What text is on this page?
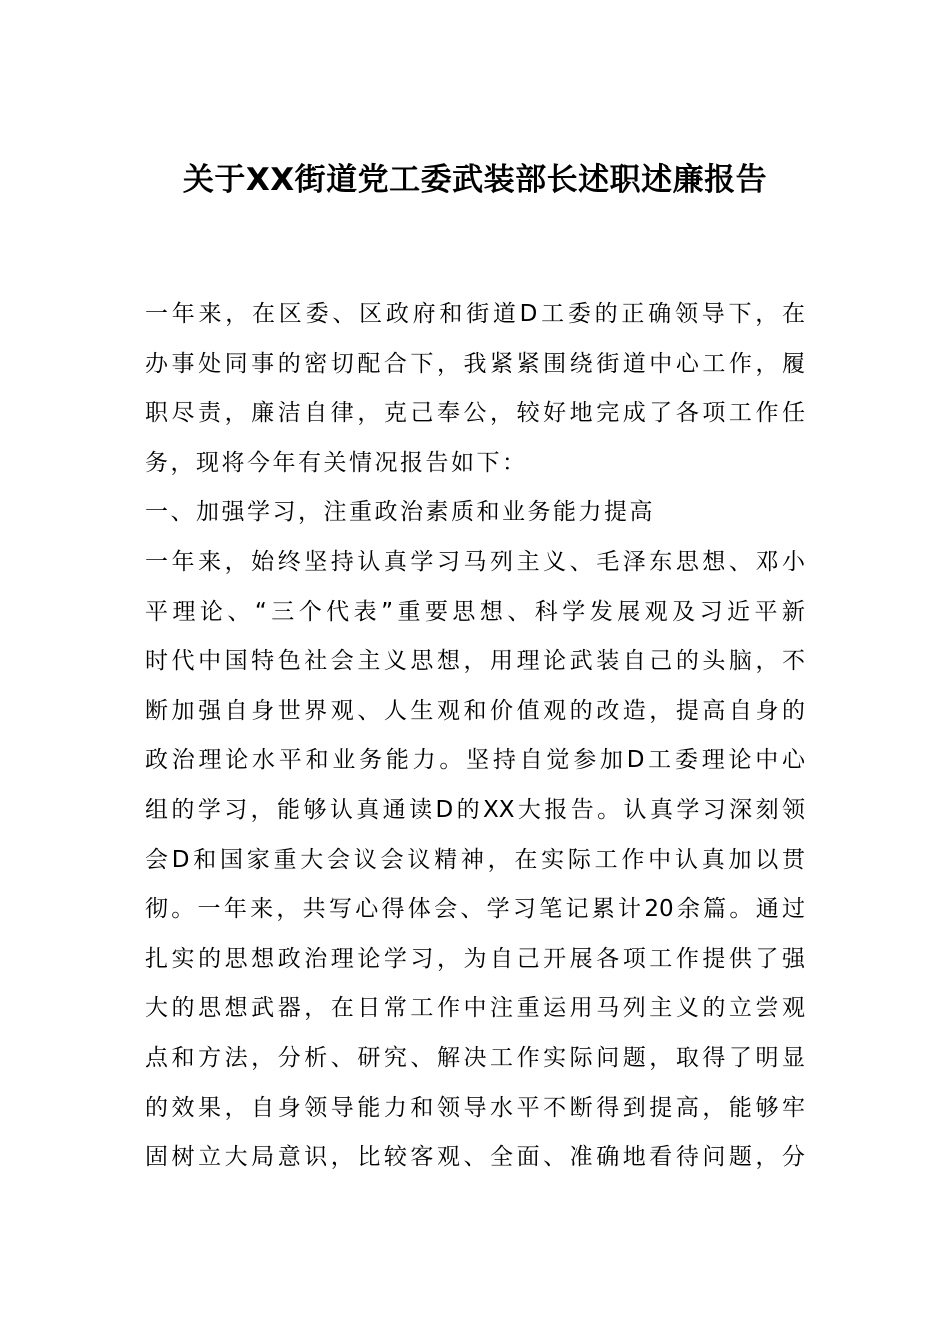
关于XX街道党工委武装部长述职述廉报告
一年来，在区委、区政府和街道D工委的正确领导下，在
办事处同事的密切配合下，我紧紧围绕街道中心工作，履
职尽责，廉洁自律，克己奉公，较好地完成了各项工作任
务，现将今年有关情况报告如下：
一、加强学习，注重政治素质和业务能力提高
一年来，始终坚持认真学习马列主义、毛泽东思想、邓小
平理论、“三个代表”重要思想、科学发展观及习近平新
时代中国特色社会主义思想，用理论武装自己的头脑，不
断加强自身世界观、人生观和价值观的改造，提高自身的
政治理论水平和业务能力。坚持自觉参加D工委理论中心
组的学习，能够认真通读D的XX大报告。认真学习深刻领
会D和国家重大会议会议精神，在实际工作中认真加以贯
彻。一年来，共写心得体会、学习笔记累计20余篇。通过
扎实的思想政治理论学习，为自己开展各项工作提供了强
大的思想武器，在日常工作中注重运用马列主义的立尝观
点和方法，分析、研究、解决工作实际问题，取得了明显
的效果，自身领导能力和领导水平不断得到提高，能够牢
固树立大局意识，比较客观、全面、准确地看待问题，分
